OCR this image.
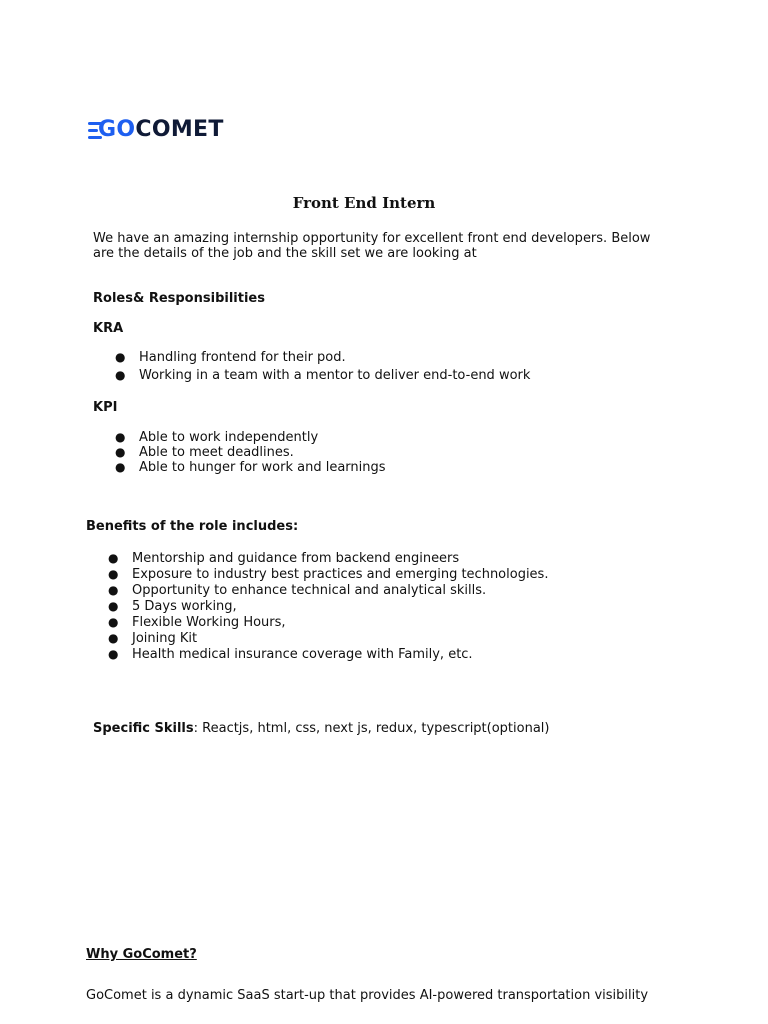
GOCOMET
Front End Intern
We have an amazing internship opportunity for excellent front end developers. Below are the details of the job and the skill set we are looking at
Roles& Responsibilities
KRA
● Handling frontend for their pod.
● Working in a team with a mentor to deliver end-to-end work
KPI
● Able to work independently
● Able to meet deadlines.
● Able to hunger for work and learnings
Benefits of the role includes:
● Mentorship and guidance from backend engineers
● Exposure to industry best practices and emerging technologies.
● Opportunity to enhance technical and analytical skills.
● 5 Days working,
● Flexible Working Hours,
● Joining Kit
● Health medical insurance coverage with Family, etc.
Specific Skills: Reactjs, html, css, next js, redux, typescript(optional)
Why GoComet?
GoComet is a dynamic SaaS start-up that provides AI-powered transportation visibility
